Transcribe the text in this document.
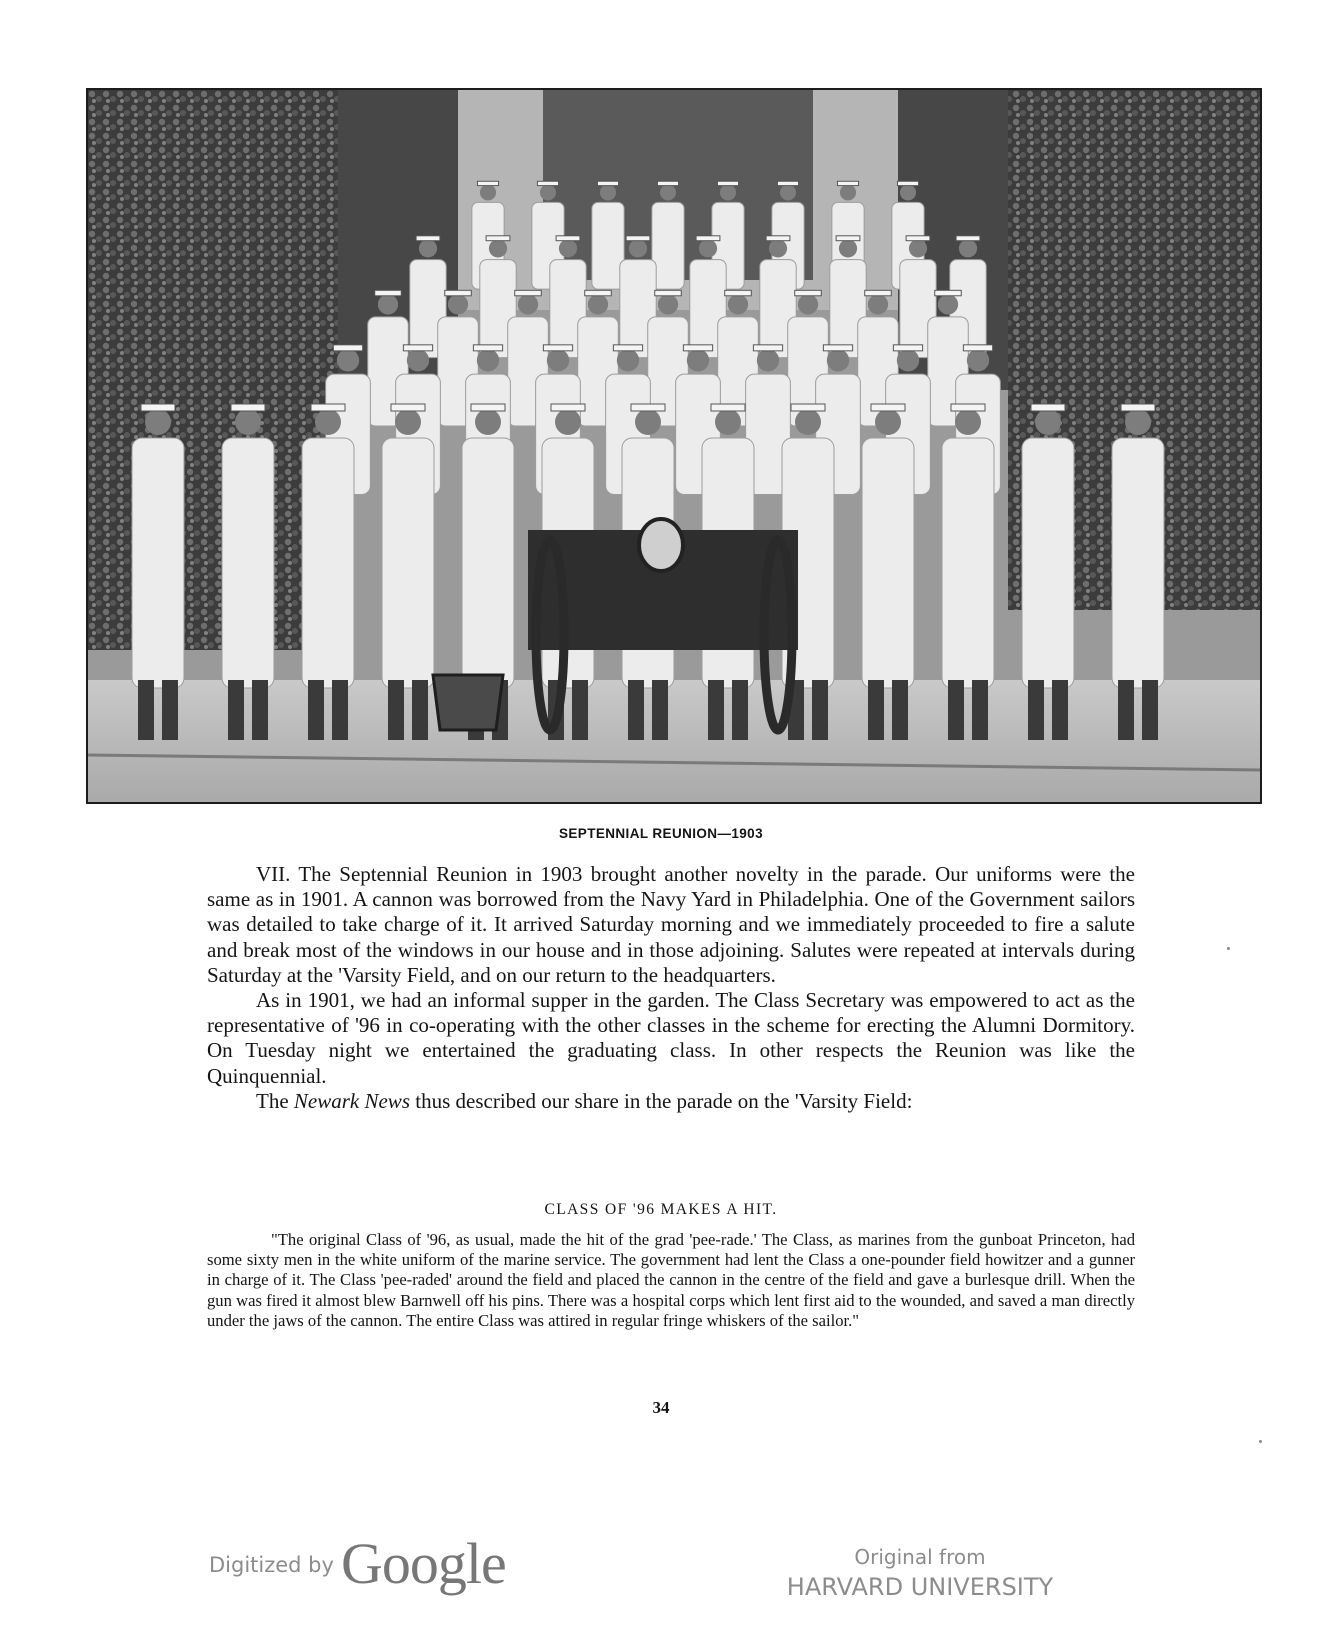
SEPTENNIAL REUNION—1903

VII. The Septennial Reunion in 1903 brought another novelty in the parade. Our uniforms were the same as in 1901. A cannon was borrowed from the Navy Yard in Philadelphia. One of the Government sailors was detailed to take charge of it. It arrived Saturday morning and we immediately proceeded to fire a salute and break most of the windows in our house and in those adjoining. Salutes were repeated at intervals during Saturday at the 'Varsity Field, and on our return to the headquarters.

As in 1901, we had an informal supper in the garden. The Class Secretary was empowered to act as the representative of '96 in co-operating with the other classes in the scheme for erecting the Alumni Dormitory. On Tuesday night we entertained the graduating class. In other respects the Reunion was like the Quinquennial.

The Newark News thus described our share in the parade on the 'Varsity Field:

CLASS OF '96 MAKES A HIT.

"The original Class of '96, as usual, made the hit of the grad 'pee-rade.' The Class, as marines from the gunboat Princeton, had some sixty men in the white uniform of the marine service. The government had lent the Class a one-pounder field howitzer and a gunner in charge of it. The Class 'pee-raded' around the field and placed the cannon in the centre of the field and gave a burlesque drill. When the gun was fired it almost blew Barnwell off his pins. There was a hospital corps which lent first aid to the wounded, and saved a man directly under the jaws of the cannon. The entire Class was attired in regular fringe whiskers of the sailor."

34
Digitized by Google	Original from
HARVARD UNIVERSITY
